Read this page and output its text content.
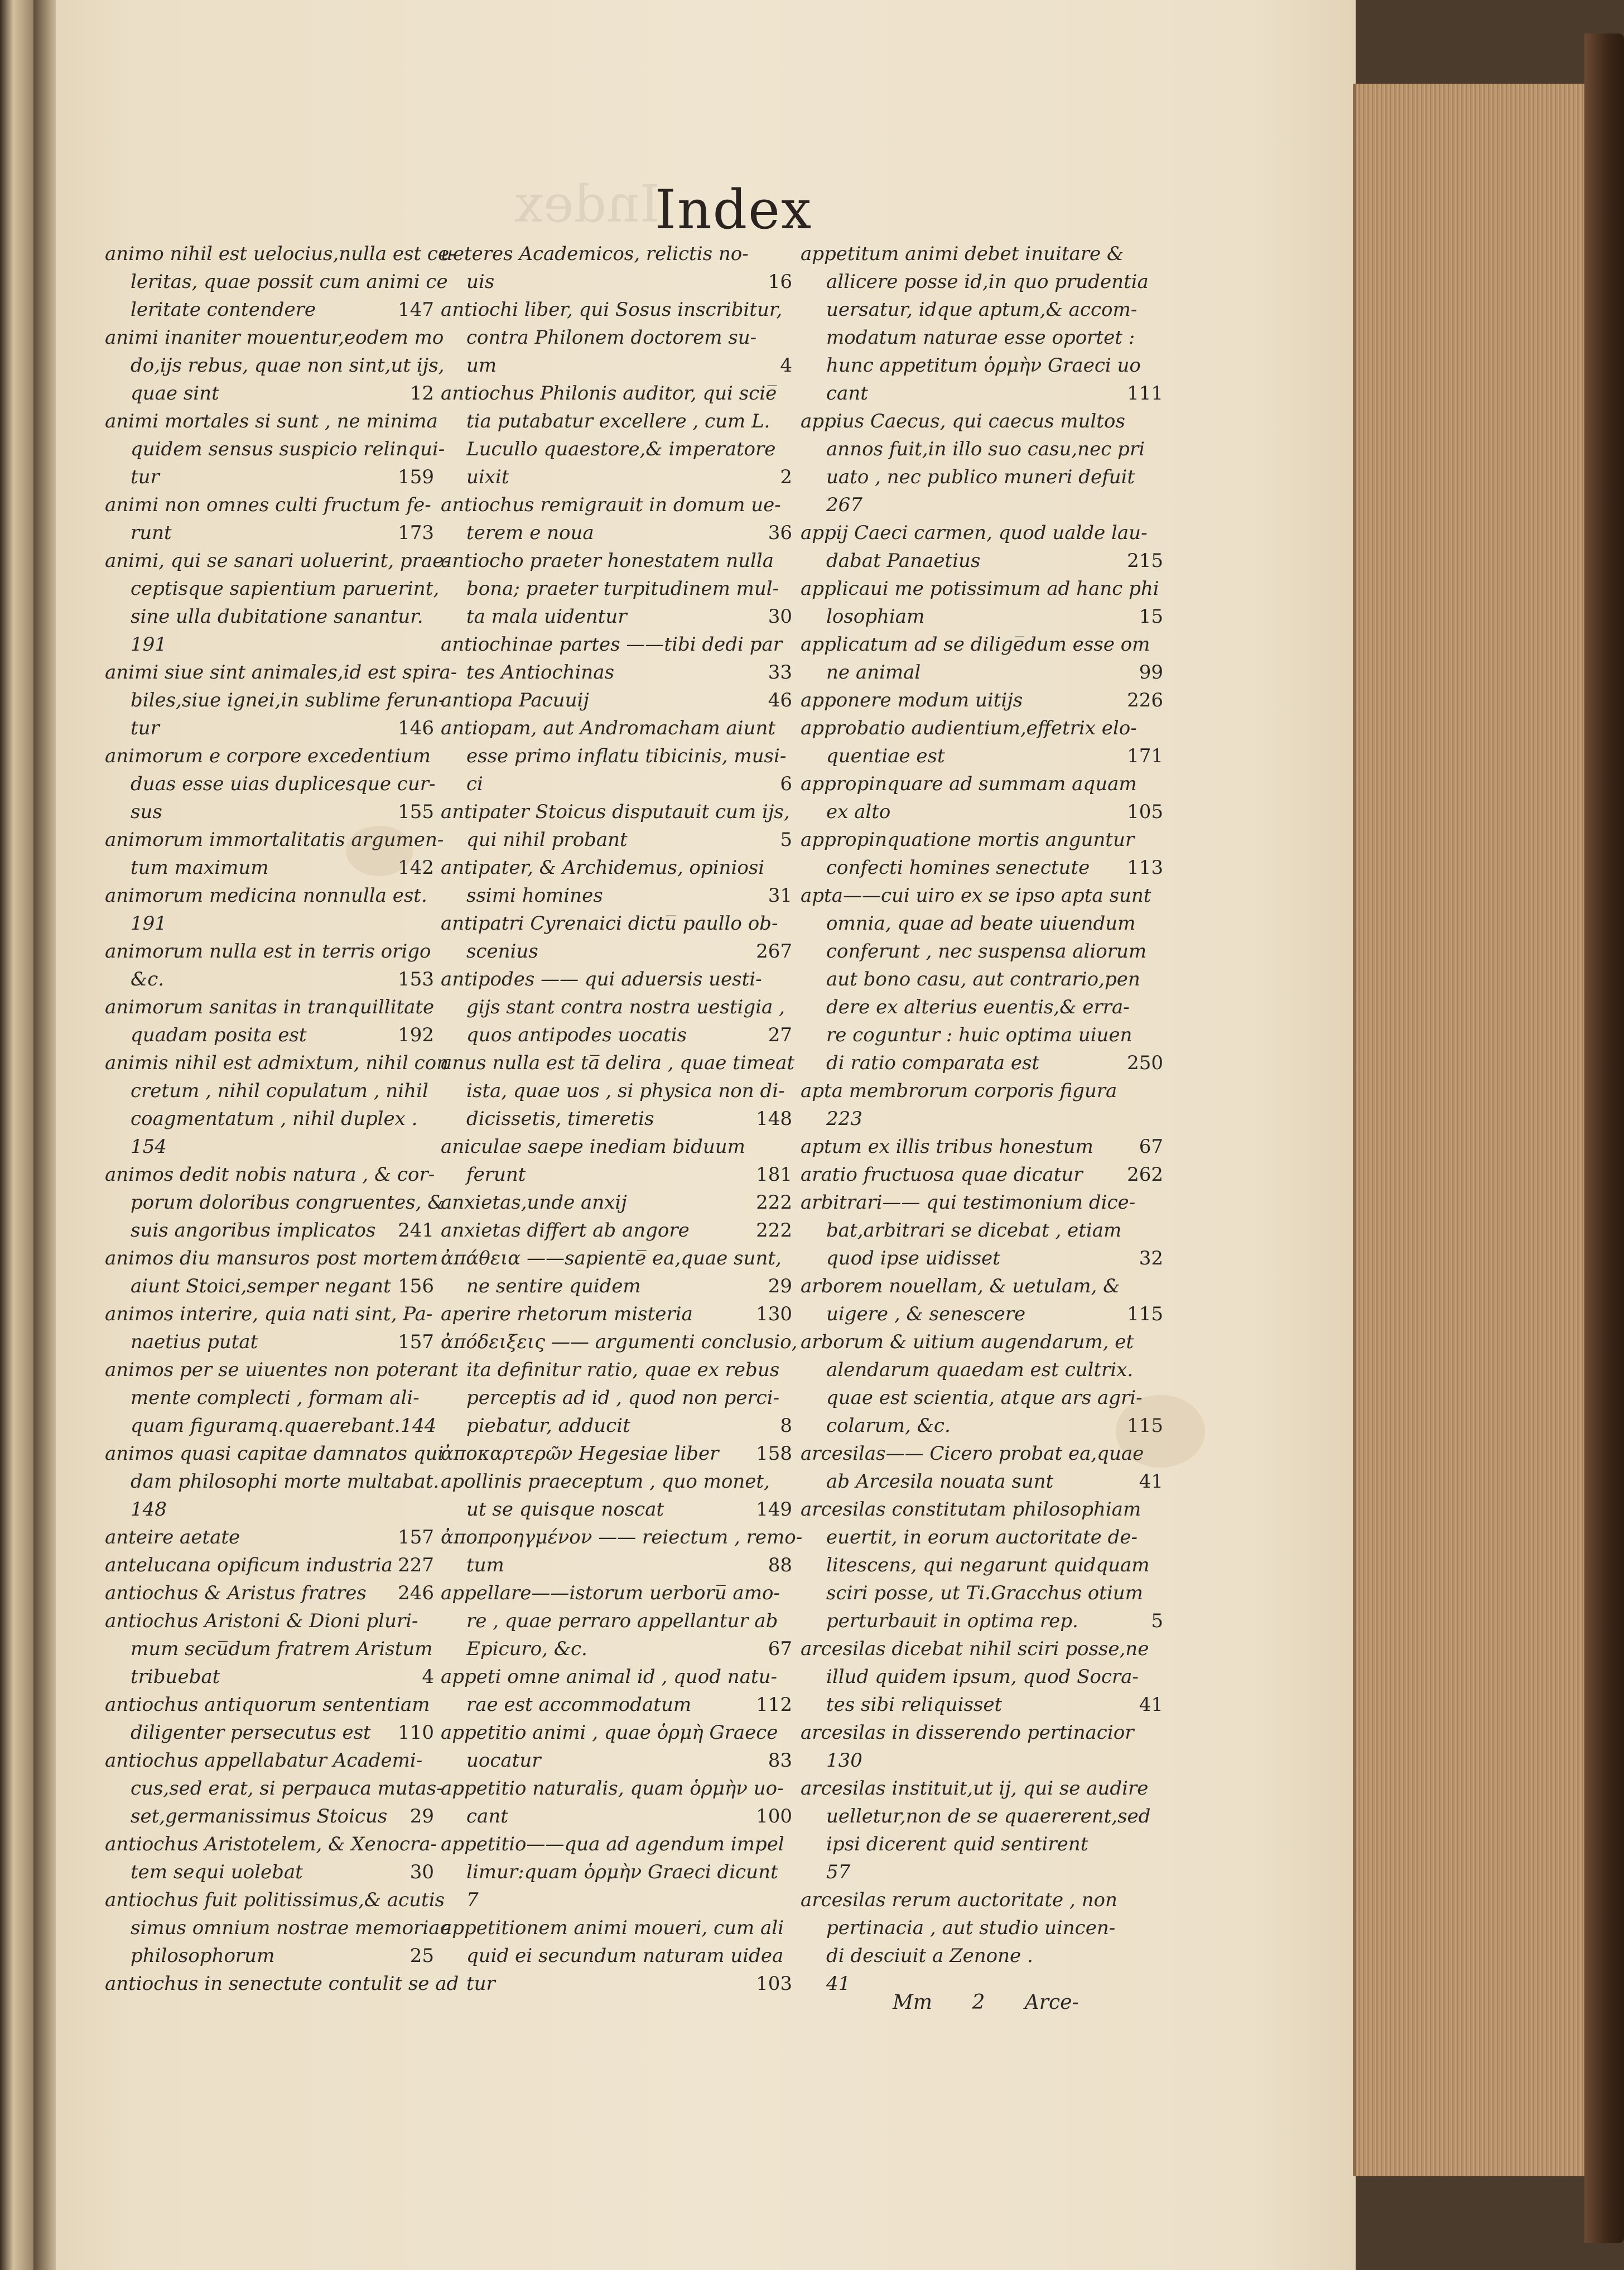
Index
Index
animo nihil est uelocius,nulla est ce-
leritas, quae possit cum animi ce
leritate contendere	147
animi inaniter mouentur,eodem mo
do,ijs rebus, quae non sint,ut ijs,
quae sint	12
animi mortales si sunt , ne minima
quidem sensus suspicio relinqui-
tur	159
animi non omnes culti fructum fe-
runt	173
animi, qui se sanari uoluerint, prae-
ceptisque sapientium paruerint,
sine ulla dubitatione sanantur.
191
animi siue sint animales,id est spira-
biles,siue ignei,in sublime ferun-
tur	146
animorum e corpore excedentium
duas esse uias duplicesque cur-
sus	155
animorum immortalitatis argumen-
tum maximum	142
animorum medicina nonnulla est.
191
animorum nulla est in terris origo
&c.	153
animorum sanitas in tranquillitate
quadam posita est	192
animis nihil est admixtum, nihil con
cretum , nihil copulatum , nihil
coagmentatum , nihil duplex .
154
animos dedit nobis natura , & cor-
porum doloribus congruentes, &
suis angoribus implicatos 241
animos diu mansuros post mortem
aiunt Stoici,semper negant 156
animos interire, quia nati sint, Pa-
naetius putat	157
animos per se uiuentes non poterant
mente complecti , formam ali-
quam figuramq.quaerebant.144
animos quasi capitae damnatos qui
dam philosophi morte multabat.
148
anteire aetate	157
antelucana opificum industria 227
antiochus & Aristus fratres 246
antiochus Aristoni & Dioni pluri-
mum secu̅dum fratrem Aristum
tribuebat	4
antiochus antiquorum sententiam
diligenter persecutus est 110
antiochus appellabatur Academi-
cus,sed erat, si perpauca mutas-
set,germanissimus Stoicus 29
antiochus Aristotelem, & Xenocra-
tem sequi uolebat	30
antiochus fuit politissimus,& acutis
simus omnium nostrae memoriae
philosophorum	25
antiochus in senectute contulit se ad
ueteres Academicos, relictis no-
uis	16
antiochi liber, qui Sosus inscribitur,
contra Philonem doctorem su-
um	4
antiochus Philonis auditor, qui scie̅
tia putabatur excellere , cum L.
Lucullo quaestore,& imperatore
uixit	2
antiochus remigrauit in domum ue-
terem e noua	36
antiocho praeter honestatem nulla
bona; praeter turpitudinem mul-
ta mala uidentur	30
antiochinae partes ——tibi dedi par
tes Antiochinas	33
antiopa Pacuuij	46
antiopam, aut Andromacham aiunt
esse primo inflatu tibicinis, musi-
ci	6
antipater Stoicus disputauit cum ijs,
qui nihil probant	5
antipater, & Archidemus, opiniosi
ssimi homines	31
antipatri Cyrenaici dictu̅ paullo ob-
scenius	267
antipodes —— qui aduersis uesti-
gijs stant contra nostra uestigia ,
quos antipodes uocatis	27
anus nulla est ta̅ delira , quae timeat
ista, quae uos , si physica non di-
dicissetis, timeretis	148
aniculae saepe inediam biduum
ferunt	181
anxietas,unde anxij	222
anxietas differt ab angore	222
ἀπάθεια ——sapiente̅ ea,quae sunt,
ne sentire quidem	29
aperire rhetorum misteria	130
ἀπόδειξεις —— argumenti conclusio,
ita definitur ratio, quae ex rebus
perceptis ad id , quod non perci-
piebatur, adducit	8
ἀποκαρτερῶν Hegesiae liber 158
apollinis praeceptum , quo monet,
ut se quisque noscat	149
ἀποπροηγμένον —— reiectum , remo-
tum	88
appellare——istorum uerboru̅ amo-
re , quae perraro appellantur ab
Epicuro, &c.	67
appeti omne animal id , quod natu-
rae est accommodatum	112
appetitio animi , quae ὁρμὴ Graece
uocatur	83
appetitio naturalis, quam ὁρμὴν uo-
cant	100
appetitio——qua ad agendum impel
limur:quam ὁρμὴν Graeci dicunt
7
appetitionem animi moueri, cum ali
quid ei secundum naturam uidea
tur	103
appetitum animi debet inuitare &
allicere posse id,in quo prudentia
uersatur, idque aptum,& accom-
modatum naturae esse oportet :
hunc appetitum ὁρμὴν Graeci uo
cant	111
appius Caecus, qui caecus multos
annos fuit,in illo suo casu,nec pri
uato , nec publico muneri defuit
267
appij Caeci carmen, quod ualde lau-
dabat Panaetius	215
applicaui me potissimum ad hanc phi
losophiam	15
applicatum ad se dilige̅dum esse om
ne animal	99
apponere modum uitijs	226
approbatio audientium,effetrix elo-
quentiae est	171
appropinquare ad summam aquam
ex alto	105
appropinquatione mortis anguntur
confecti homines senectute 113
apta——cui uiro ex se ipso apta sunt
omnia, quae ad beate uiuendum
conferunt , nec suspensa aliorum
aut bono casu, aut contrario,pen
dere ex alterius euentis,& erra-
re coguntur : huic optima uiuen
di ratio comparata est	250
apta membrorum corporis figura
223
aptum ex illis tribus honestum 67
aratio fructuosa quae dicatur 262
arbitrari—— qui testimonium dice-
bat,arbitrari se dicebat , etiam
quod ipse uidisset	32
arborem nouellam, & uetulam, &
uigere , & senescere	115
arborum & uitium augendarum, et
alendarum quaedam est cultrix.
quae est scientia, atque ars agri-
colarum, &c.	115
arcesilas—— Cicero probat ea,quae
ab Arcesila nouata sunt	41
arcesilas constitutam philosophiam
euertit, in eorum auctoritate de-
litescens, qui negarunt quidquam
sciri posse, ut Ti.Gracchus otium
perturbauit in optima rep.	5
arcesilas dicebat nihil sciri posse,ne
illud quidem ipsum, quod Socra-
tes sibi reliquisset	41
arcesilas in disserendo pertinacior
130
arcesilas instituit,ut ij, qui se audire
uelletur,non de se quaererent,sed
ipsi dicerent quid sentirent
57
arcesilas rerum auctoritate , non
pertinacia , aut studio uincen-
di desciuit a Zenone .
41
Mm 2 Arce-
